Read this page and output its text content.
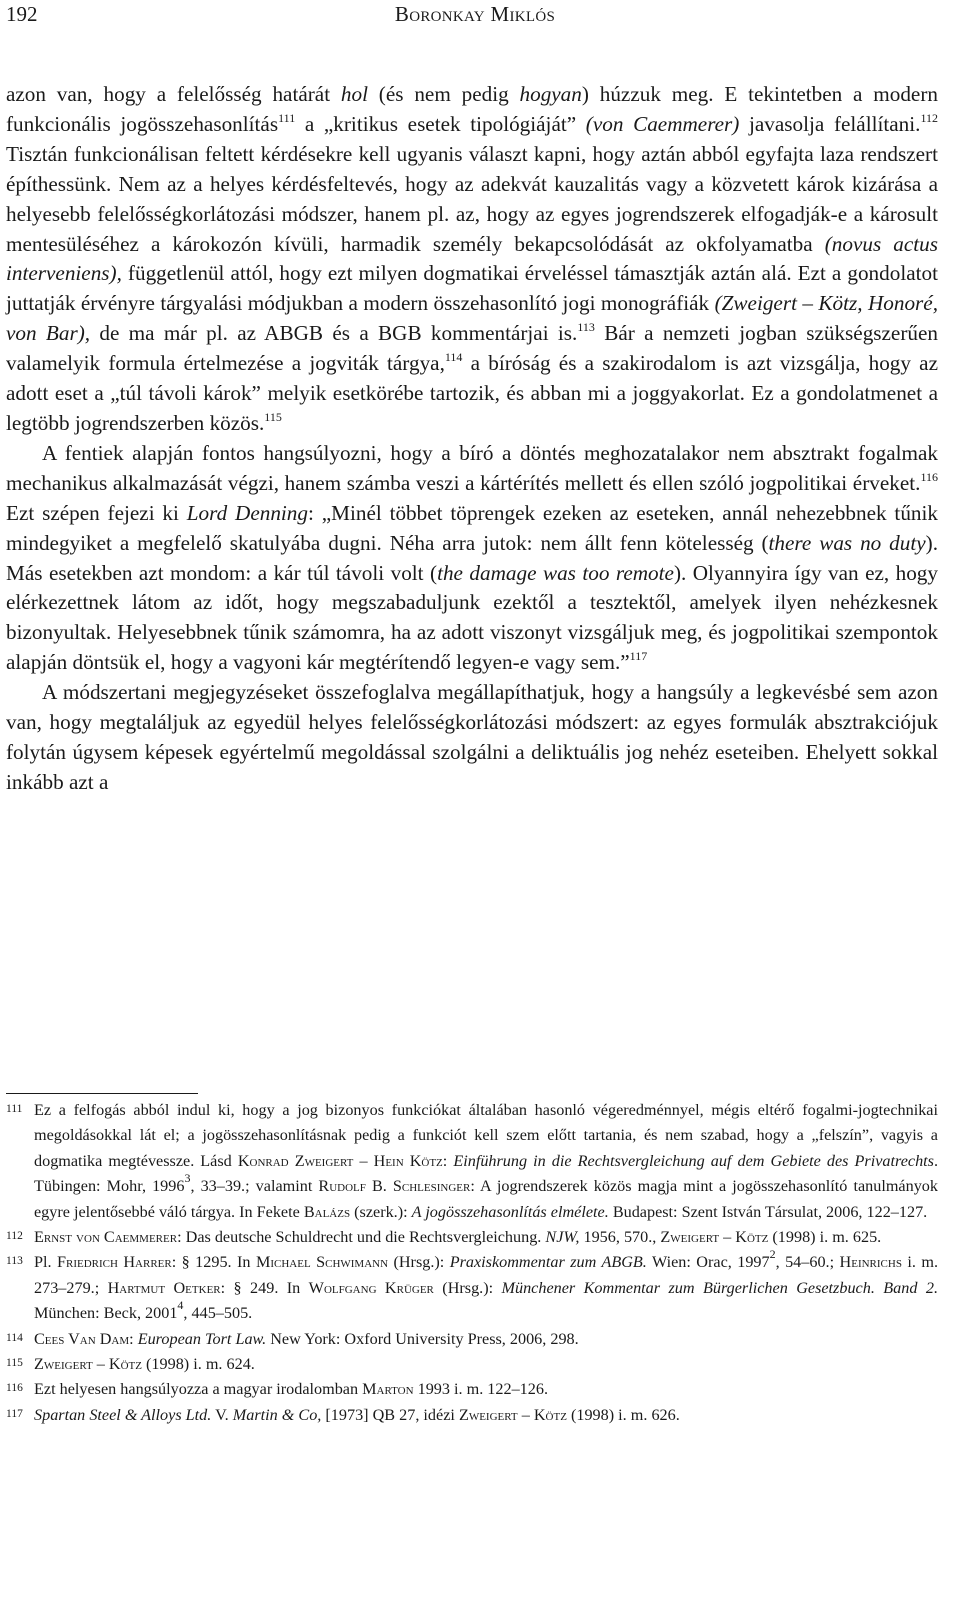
192	Boronkay Miklós

azon van, hogy a felelősség határát hol (és nem pedig hogyan) húzzuk meg. E tekintetben a modern funkcionális jogösszehasonlítás$^{111}$ a „kritikus esetek tipológiáját” (von Caemmerer) javasolja felállítani.$^{112}$ Tisztán funkcionálisan feltett kérdésekre kell ugyanis választ kapni, hogy aztán abból egyfajta laza rendszert építhessünk. Nem az a helyes kérdésfeltevés, hogy az adekvát kauzalitás vagy a közvetett károk kizárása a helyesebb felelősségkorlátozási módszer, hanem pl. az, hogy az egyes jogrendszerek elfogadják-e a károsult mentesüléséhez a károkozón kívüli, harmadik személy bekapcsolódását az okfolyamatba (novus actus interveniens), függetlenül attól, hogy ezt milyen dogmatikai érveléssel támasztják aztán alá. Ezt a gondolatot juttatják érvényre tárgyalási módjukban a modern összehasonlító jogi monográfiák (Zweigert – Kötz, Honoré, von Bar), de ma már pl. az ABGB és a BGB kommentárjai is.$^{113}$ Bár a nemzeti jogban szükségszerűen valamelyik formula értelmezése a jogviták tárgya,$^{114}$ a bíróság és a szakirodalom is azt vizsgálja, hogy az adott eset a „túl távoli károk” melyik esetkörébe tartozik, és abban mi a joggyakorlat. Ez a gondolatmenet a legtöbb jogrendszerben közös.$^{115}$

A fentiek alapján fontos hangsúlyozni, hogy a bíró a döntés meghozatalakor nem absztrakt fogalmak mechanikus alkalmazását végzi, hanem számba veszi a kártérítés mellett és ellen szóló jogpolitikai érveket.$^{116}$ Ezt szépen fejezi ki Lord Denning: „Minél többet töprengek ezeken az eseteken, annál nehezebbnek tűnik mindegyiket a megfelelő skatulyába dugni. Néha arra jutok: nem állt fenn kötelesség (there was no duty). Más esetekben azt mondom: a kár túl távoli volt (the damage was too remote). Olyannyira így van ez, hogy elérkezettnek látom az időt, hogy megszabaduljunk ezektől a tesztektől, amelyek ilyen nehézkesnek bizonyultak. Helyesebbnek tűnik számomra, ha az adott viszonyt vizsgáljuk meg, és jogpolitikai szempontok alapján döntsük el, hogy a vagyoni kár megtérítendő legyen-e vagy sem.”$^{117}$

A módszertani megjegyzéseket összefoglalva megállapíthatjuk, hogy a hangsúly a legkevésbé sem azon van, hogy megtaláljuk az egyedül helyes felelősségkorlátozási módszert: az egyes formulák absztrakciójuk folytán úgysem képesek egyértelmű megoldással szolgálni a deliktuális jog nehéz eseteiben. Ehelyett sokkal inkább azt a

111 Ez a felfogás abból indul ki, hogy a jog bizonyos funkciókat általában hasonló végeredménnyel, mégis eltérő fogalmi-jogtechnikai megoldásokkal lát el; a jogösszehasonlításnak pedig a funkciót kell szem előtt tartania, és nem szabad, hogy a „felszín”, vagyis a dogmatika megtévessze. Lásd Konrad Zweigert – Hein Kötz: Einführung in die Rechtsvergleichung auf dem Gebiete des Privatrechts. Tübingen: Mohr, 1996$^3$, 33–39.; valamint Rudolf B. Schlesinger: A jogrendszerek közös magja mint a jogösszehasonlító tanulmányok egyre jelentősebbé váló tárgya. In Fekete Balázs (szerk.): A jogösszehasonlítás elmélete. Budapest: Szent István Társulat, 2006, 122–127.
112 Ernst von Caemmerer: Das deutsche Schuldrecht und die Rechtsvergleichung. NJW, 1956, 570., Zweigert – Kötz (1998) i. m. 625.
113 Pl. Friedrich Harrer: § 1295. In Michael Schwimann (Hrsg.): Praxiskommentar zum ABGB. Wien: Orac, 1997$^2$, 54–60.; Heinrichs i. m. 273–279.; Hartmut Oetker: § 249. In Wolfgang Krüger (Hrsg.): Münchener Kommentar zum Bürgerlichen Gesetzbuch. Band 2. München: Beck, 2001$^4$, 445–505.
114 Cees Van Dam: European Tort Law. New York: Oxford University Press, 2006, 298.
115 Zweigert – Kötz (1998) i. m. 624.
116 Ezt helyesen hangsúlyozza a magyar irodalomban Marton 1993 i. m. 122–126.
117 Spartan Steel & Alloys Ltd. V. Martin & Co, [1973] QB 27, idézi Zweigert – Kötz (1998) i. m. 626.
